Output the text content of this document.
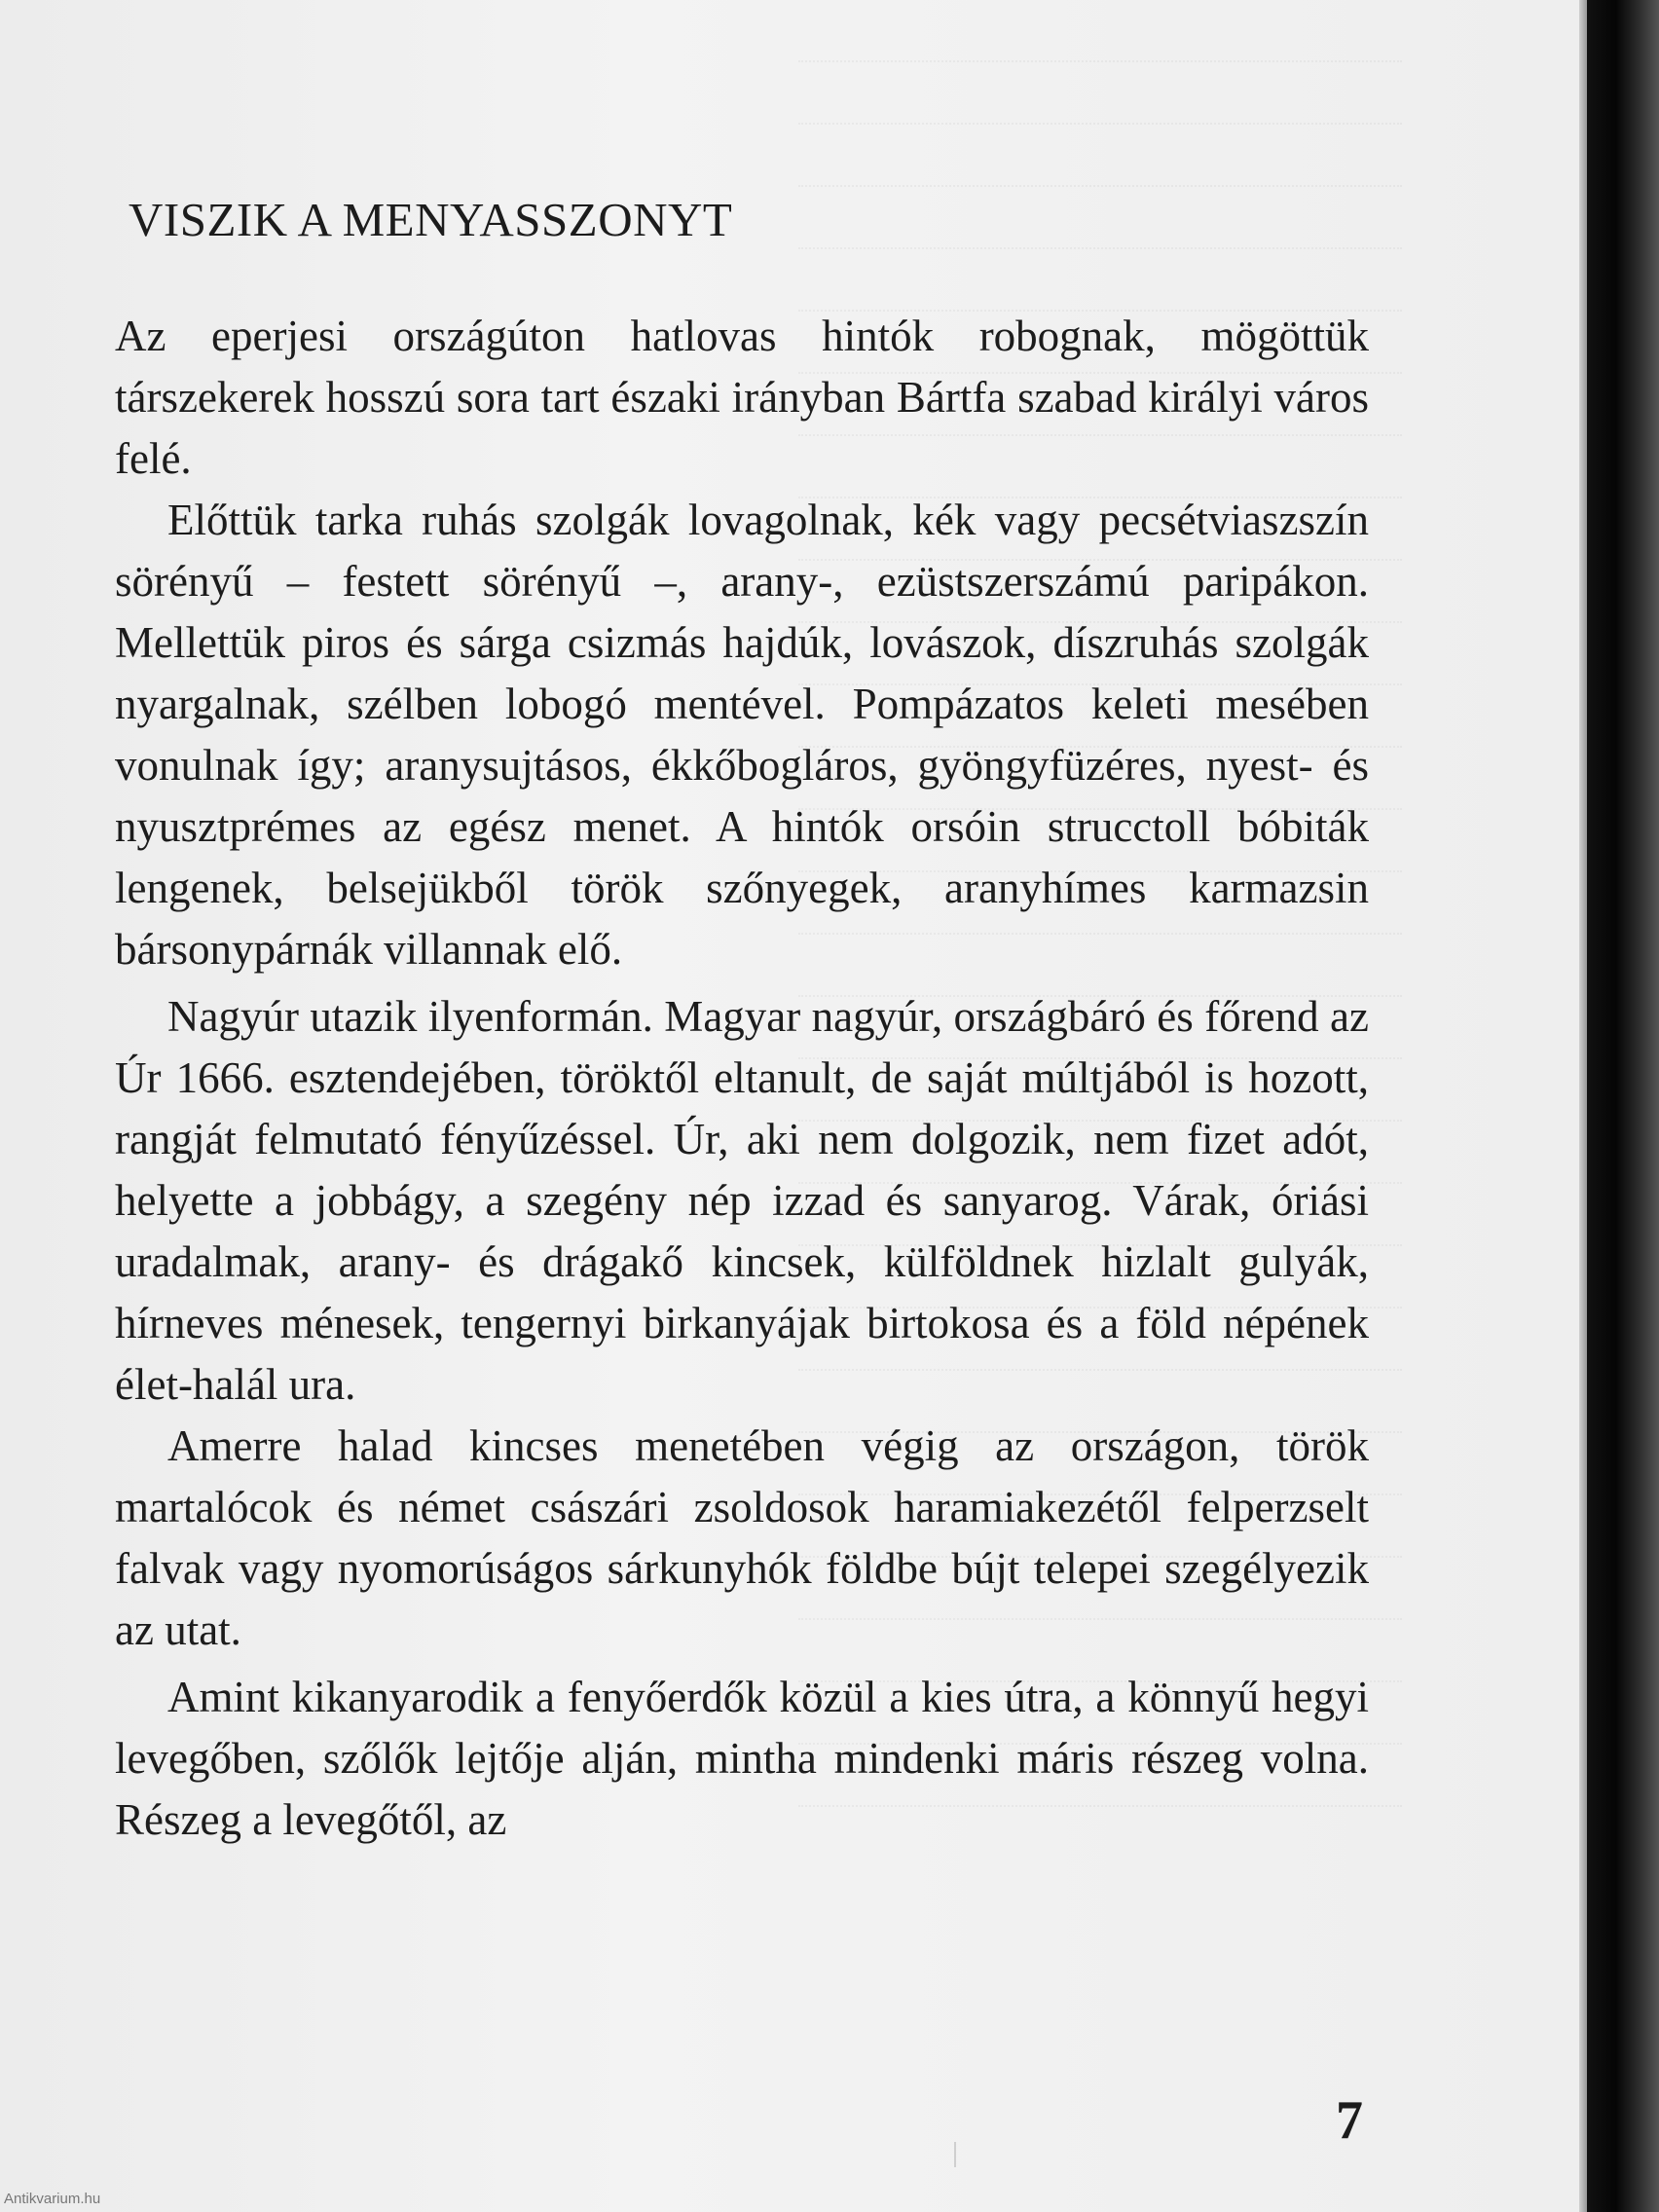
VISZIK A MENYASSZONYT

Az eperjesi országúton hatlovas hintók robognak, mögöttük társzekerek hosszú sora tart északi irányban Bártfa szabad királyi város felé.

Előttük tarka ruhás szolgák lovagolnak, kék vagy pecsétviaszszín sörényű – festett sörényű –, arany-, ezüstszerszámú paripákon. Mellettük piros és sárga csizmás hajdúk, lovászok, díszruhás szolgák nyargalnak, szélben lobogó mentével. Pompázatos keleti mesében vonulnak így; aranysujtásos, ékkőbogláros, gyöngyfüzéres, nyest- és nyusztprémes az egész menet. A hintók orsóin strucctoll bóbiták lengenek, belsejükből török szőnyegek, aranyhímes karmazsin bársonypárnák villannak elő.

Nagyúr utazik ilyenformán. Magyar nagyúr, országbáró és főrend az Úr 1666. esztendejében, töröktől eltanult, de saját múltjából is hozott, rangját felmutató fényűzéssel. Úr, aki nem dolgozik, nem fizet adót, helyette a jobbágy, a szegény nép izzad és sanyarog. Várak, óriási uradalmak, arany- és drágakő kincsek, külföldnek hizlalt gulyák, hírneves ménesek, tengernyi birkanyájak birtokosa és a föld népének élet-halál ura.

Amerre halad kincses menetében végig az országon, török martalócok és német császári zsoldosok haramiakezétől felperzselt falvak vagy nyomorúságos sárkunyhók földbe bújt telepei szegélyezik az utat.

Amint kikanyarodik a fenyőerdők közül a kies útra, a könnyű hegyi levegőben, szőlők lejtője alján, mintha mindenki máris részeg volna. Részeg a levegőtől, az

7
Antikvarium.hu
